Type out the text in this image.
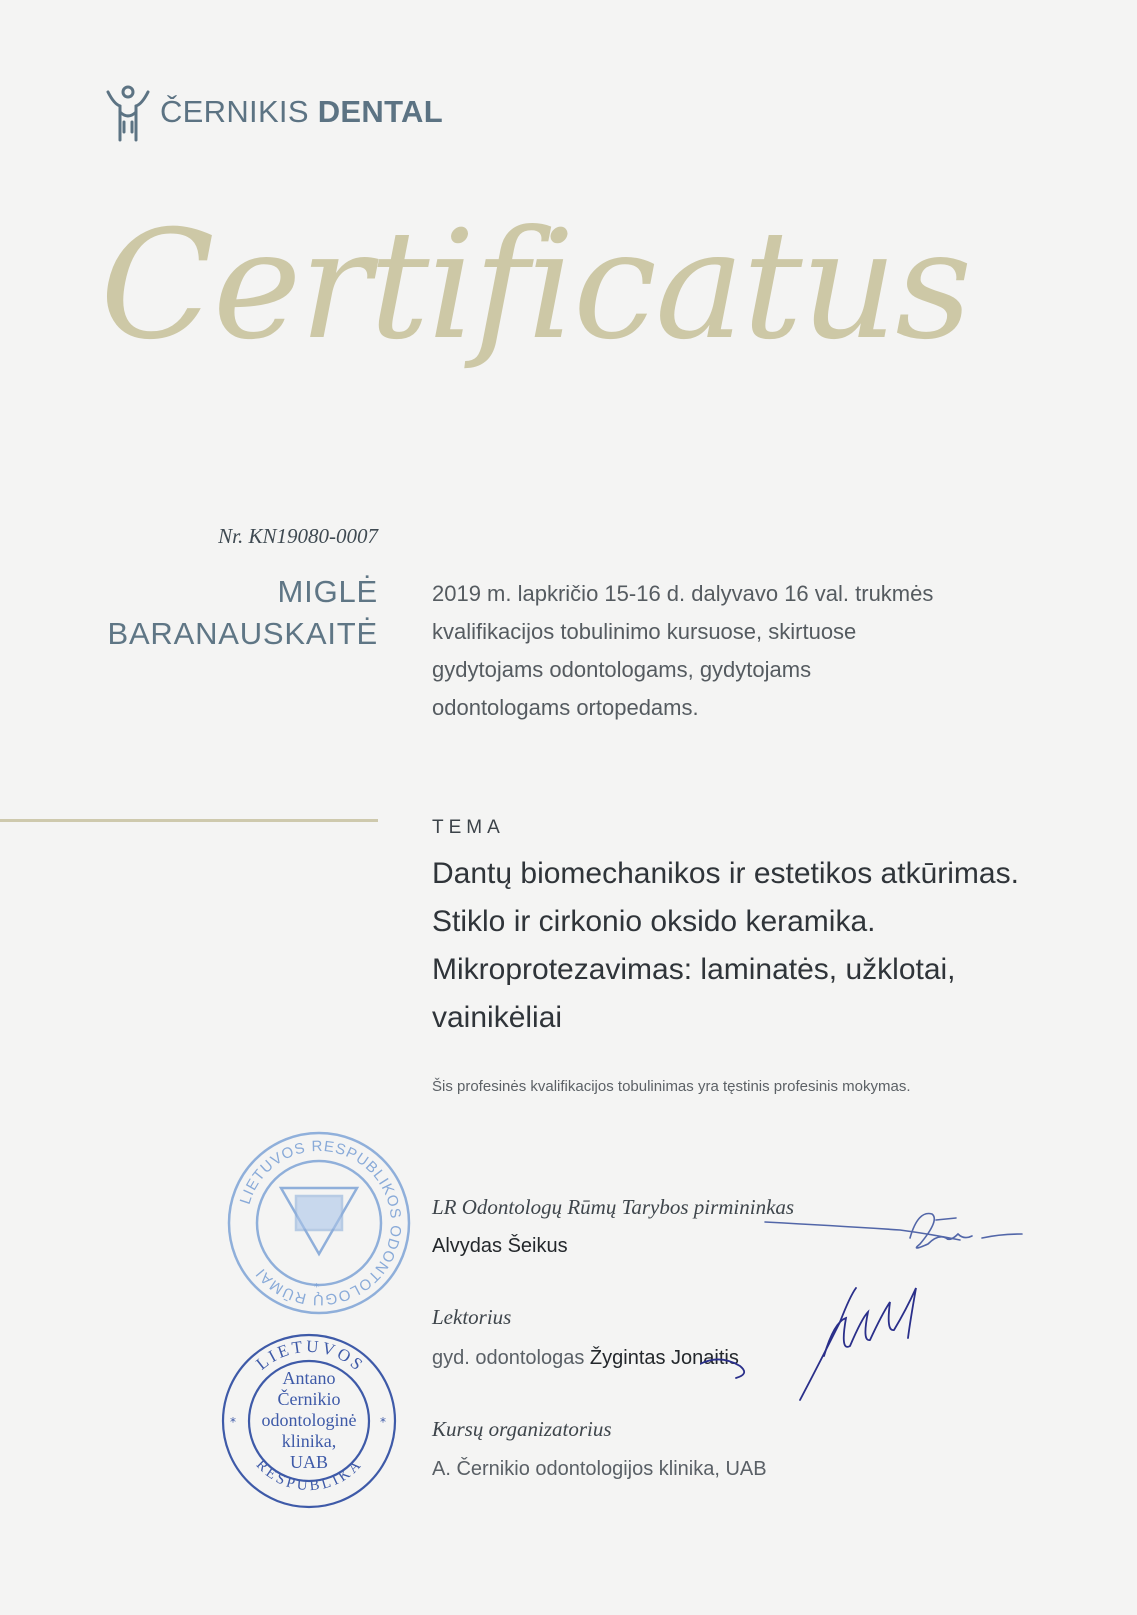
ČERNIKIS DENTAL
Certificatus
Nr. KN19080-0007
MIGLĖ
BARANAUSKAITĖ
2019 m. lapkričio 15-16 d. dalyvavo 16 val. trukmės
kvalifikacijos tobulinimo kursuose, skirtuose
gydytojams odontologams, gydytojams
odontologams ortopedams.
TEMA
Dantų biomechanikos ir estetikos atkūrimas.
Stiklo ir cirkonio oksido keramika.
Mikroprotezavimas: laminatės, užklotai,
vainikėliai
Šis profesinės kvalifikacijos tobulinimas yra tęstinis profesinis mokymas.
LIETUVOS RESPUBLIKOS ODONTOLOGŲ RŪMAI
*
LIETUVOS
RESPUBLIKA
*	*
Antano
Černikio
odontologinė
klinika,
UAB
LR Odontologų Rūmų Tarybos pirmininkas
Alvydas Šeikus
Lektorius
gyd. odontologas Žygintas Jonaitis
Kursų organizatorius
A. Černikio odontologijos klinika, UAB
